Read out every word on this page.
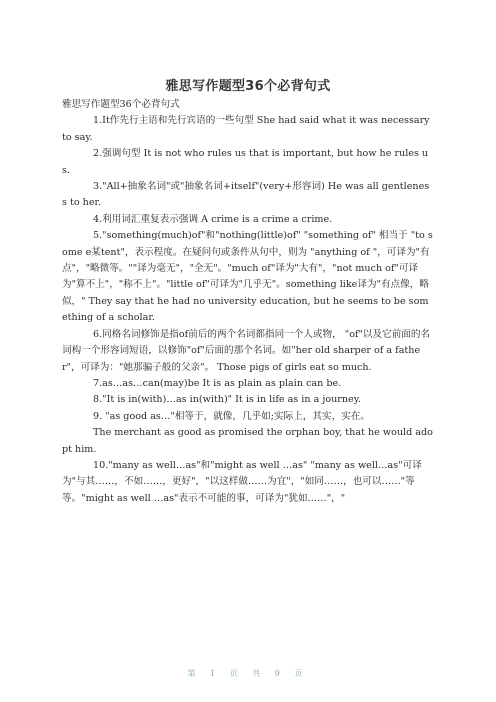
雅思写作题型36个必背句式

雅思写作题型36个必背句式

1.It作先行主语和先行宾语的一些句型 She had said what it was necessary to say.

2.强调句型 It is not who rules us that is important, but how he rules us.

3."All+抽象名词"或"抽象名词+itself"(very+形容词) He was all gentleness to her.

4.利用词汇重复表示强调 A crime is a crime a crime.

5."something(much)of"和"nothing(little)of" "something of" 相当于 "to some e某tent"，表示程度。在疑问句或条件从句中，则为 "anything of "，可译为"有点"，"略微等。""译为毫无"，"全无"。"much of"译为"大有"，"not much of"可译为"算不上"，"称不上"。"little of"可译为"几乎无"。something like译为"有点像，略似，" They say that he had no university education, but he seems to be something of a scholar.

6.同格名词修饰是指of前后的两个名词都指同一个人或物， "of"以及它前面的名词构一个形容词短语，以修饰"of"后面的那个名词。如"her old sharper of a father"，可译为："她那骗子般的父亲"。 Those pigs of girls eat so much.

7.as…as…can(may)be It is as plain as plain can be.

8."It is in(with)…as in(with)" It is in life as in a journey.

9. "as good as…"相等于，就像，几乎如;实际上，其实，实在。

The merchant as good as promised the orphan boy, that he would adopt him.

10."many as well…as"和"might as well …as" "many as well…as"可译为"与其……，不如……，更好"，"以这样做……为宜"，"如同……，也可以……"等等。"might as well …as"表示不可能的事，可译为"犹如……"，"

第 1 页 共 9 页
